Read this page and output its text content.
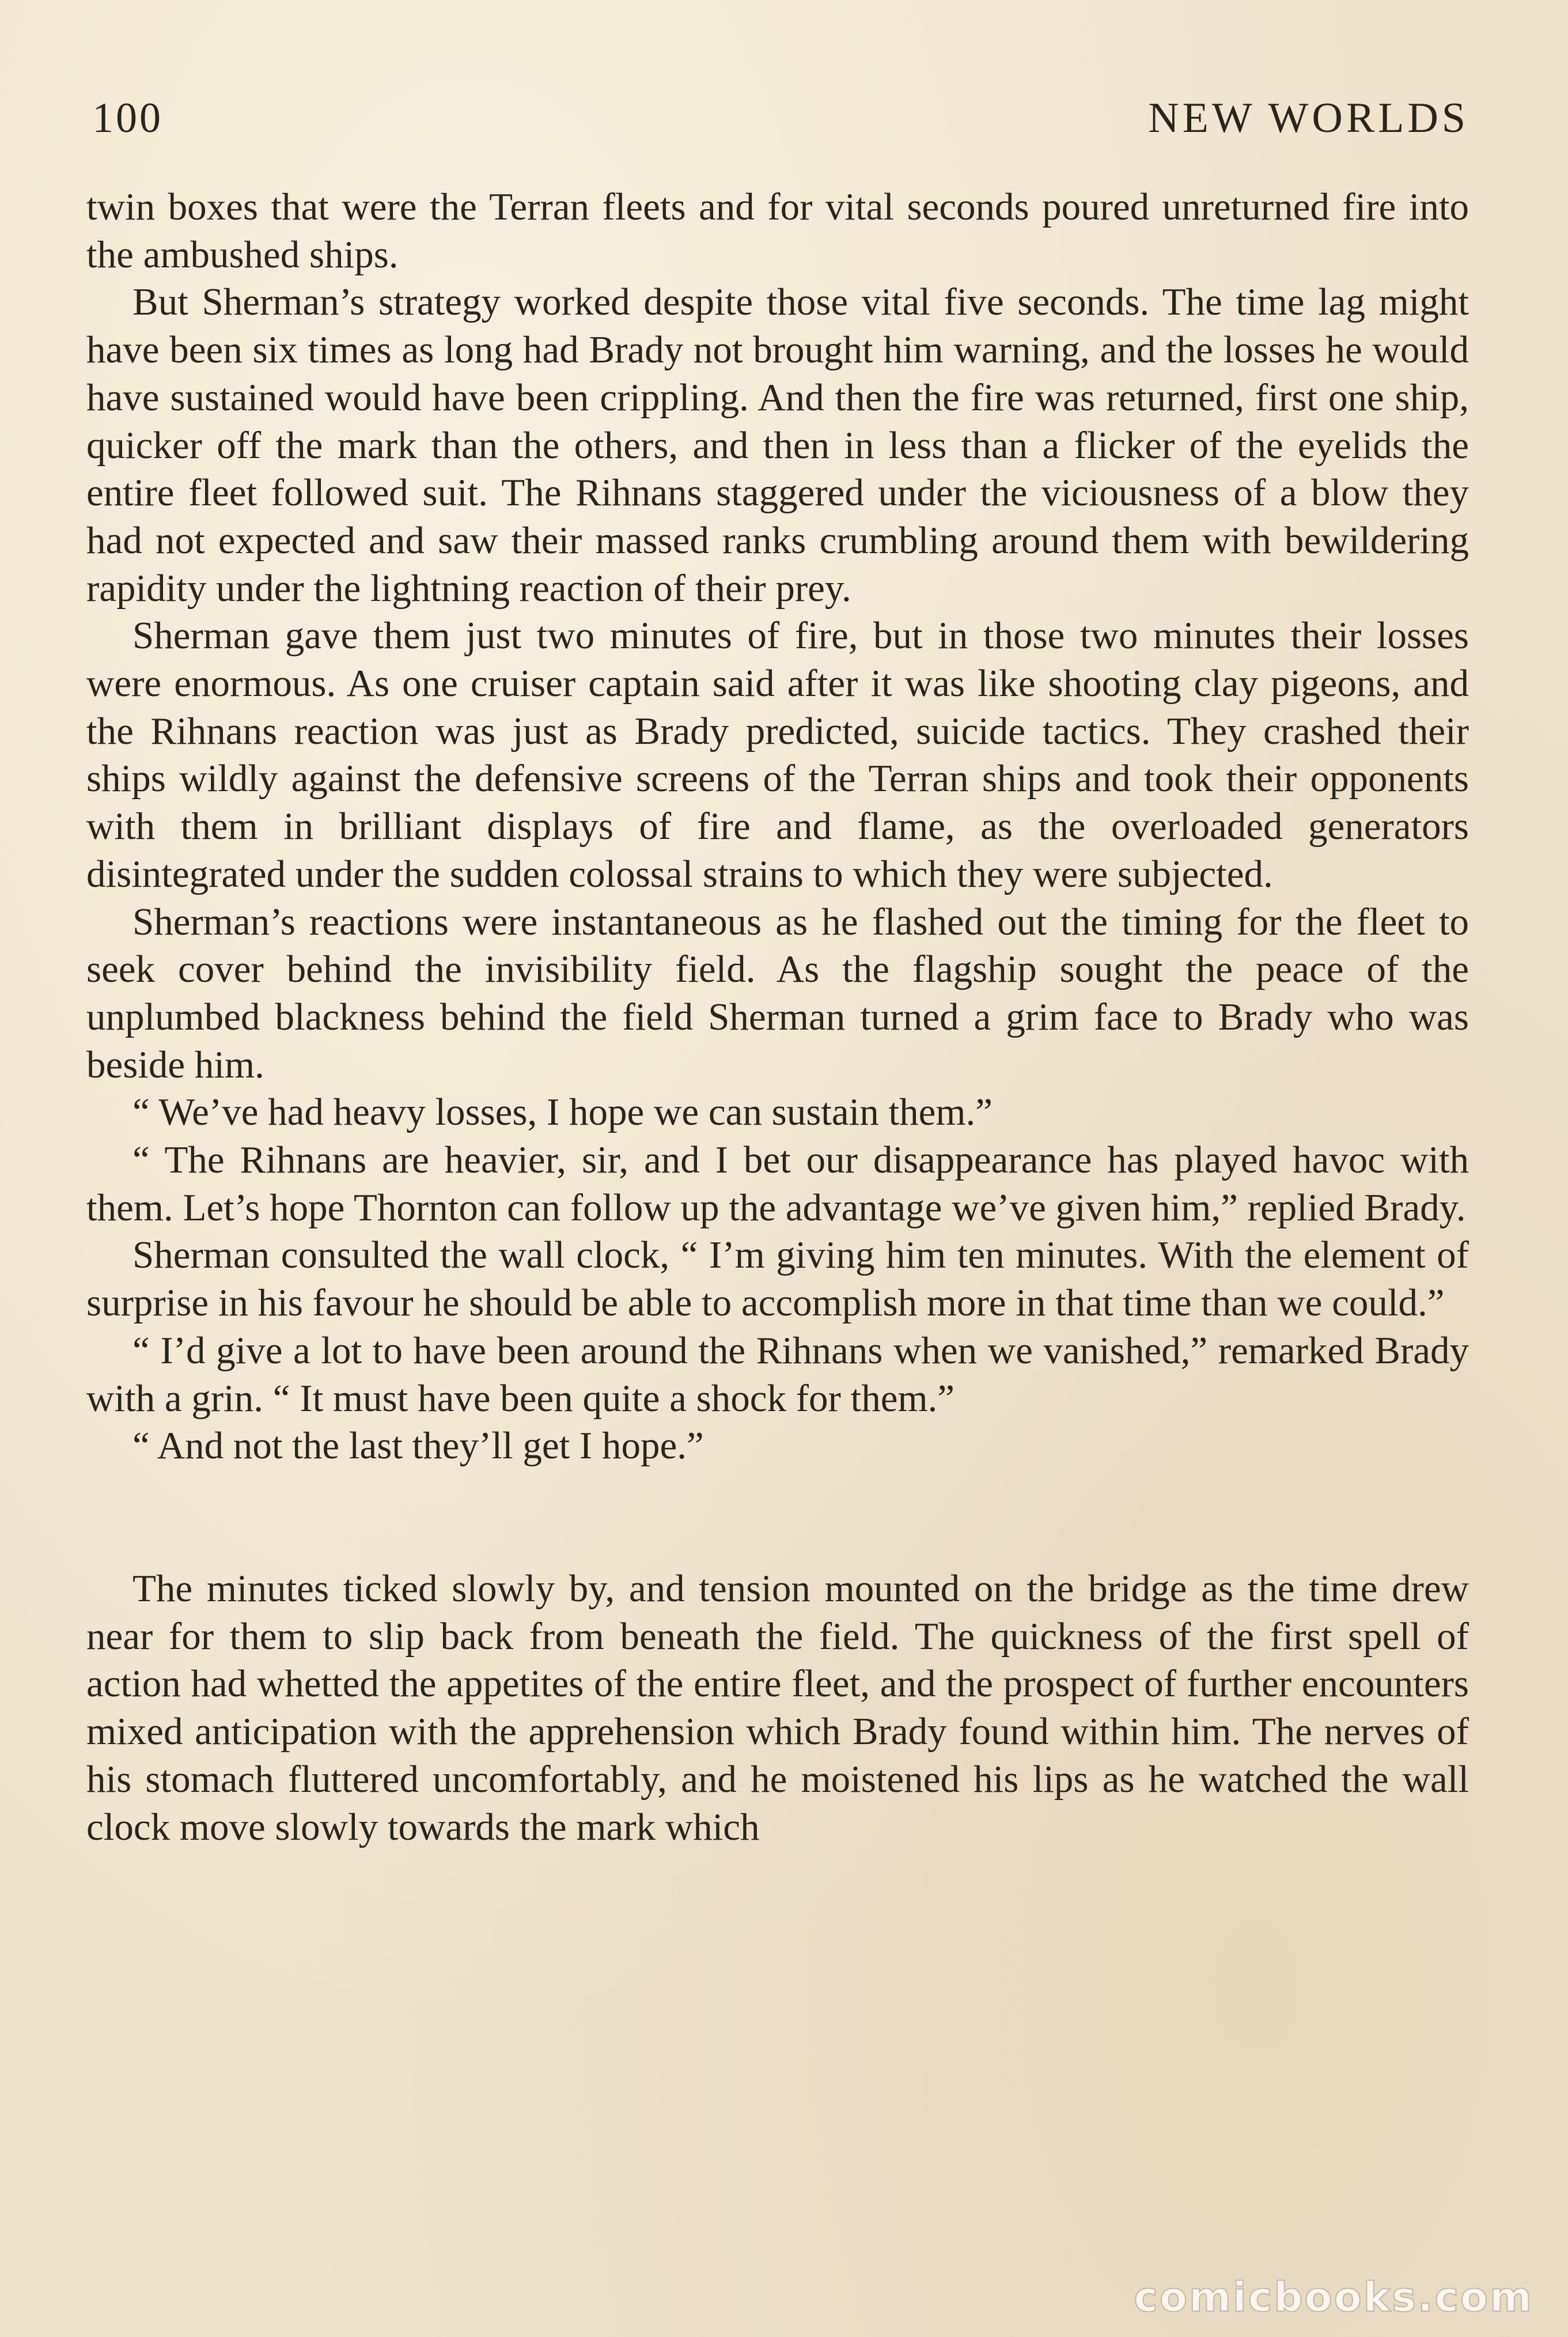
100	NEW WORLDS

twin boxes that were the Terran fleets and for vital seconds poured unreturned fire into the ambushed ships.

But Sherman’s strategy worked despite those vital five seconds. The time lag might have been six times as long had Brady not brought him warning, and the losses he would have sustained would have been crippling. And then the fire was returned, first one ship, quicker off the mark than the others, and then in less than a flicker of the eyelids the entire fleet followed suit. The Rihnans staggered under the viciousness of a blow they had not expected and saw their massed ranks crumbling around them with bewildering rapidity under the lightning reaction of their prey.

Sherman gave them just two minutes of fire, but in those two minutes their losses were enormous. As one cruiser captain said after it was like shooting clay pigeons, and the Rihnans reaction was just as Brady predicted, suicide tactics. They crashed their ships wildly against the defensive screens of the Terran ships and took their opponents with them in brilliant displays of fire and flame, as the overloaded generators disintegrated under the sudden colossal strains to which they were subjected.

Sherman’s reactions were instantaneous as he flashed out the timing for the fleet to seek cover behind the invisibility field. As the flagship sought the peace of the unplumbed blackness behind the field Sherman turned a grim face to Brady who was beside him.

“ We’ve had heavy losses, I hope we can sustain them.”

“ The Rihnans are heavier, sir, and I bet our disappearance has played havoc with them. Let’s hope Thornton can follow up the advantage we’ve given him,” replied Brady.

Sherman consulted the wall clock, “ I’m giving him ten minutes. With the element of surprise in his favour he should be able to accomplish more in that time than we could.”

“ I’d give a lot to have been around the Rihnans when we vanished,” remarked Brady with a grin. “ It must have been quite a shock for them.”

“ And not the last they’ll get I hope.”

The minutes ticked slowly by, and tension mounted on the bridge as the time drew near for them to slip back from beneath the field. The quickness of the first spell of action had whetted the appetites of the entire fleet, and the prospect of further encounters mixed anticipation with the apprehension which Brady found within him. The nerves of his stomach fluttered uncomfortably, and he moistened his lips as he watched the wall clock move slowly towards the mark which

comicbooks.com
